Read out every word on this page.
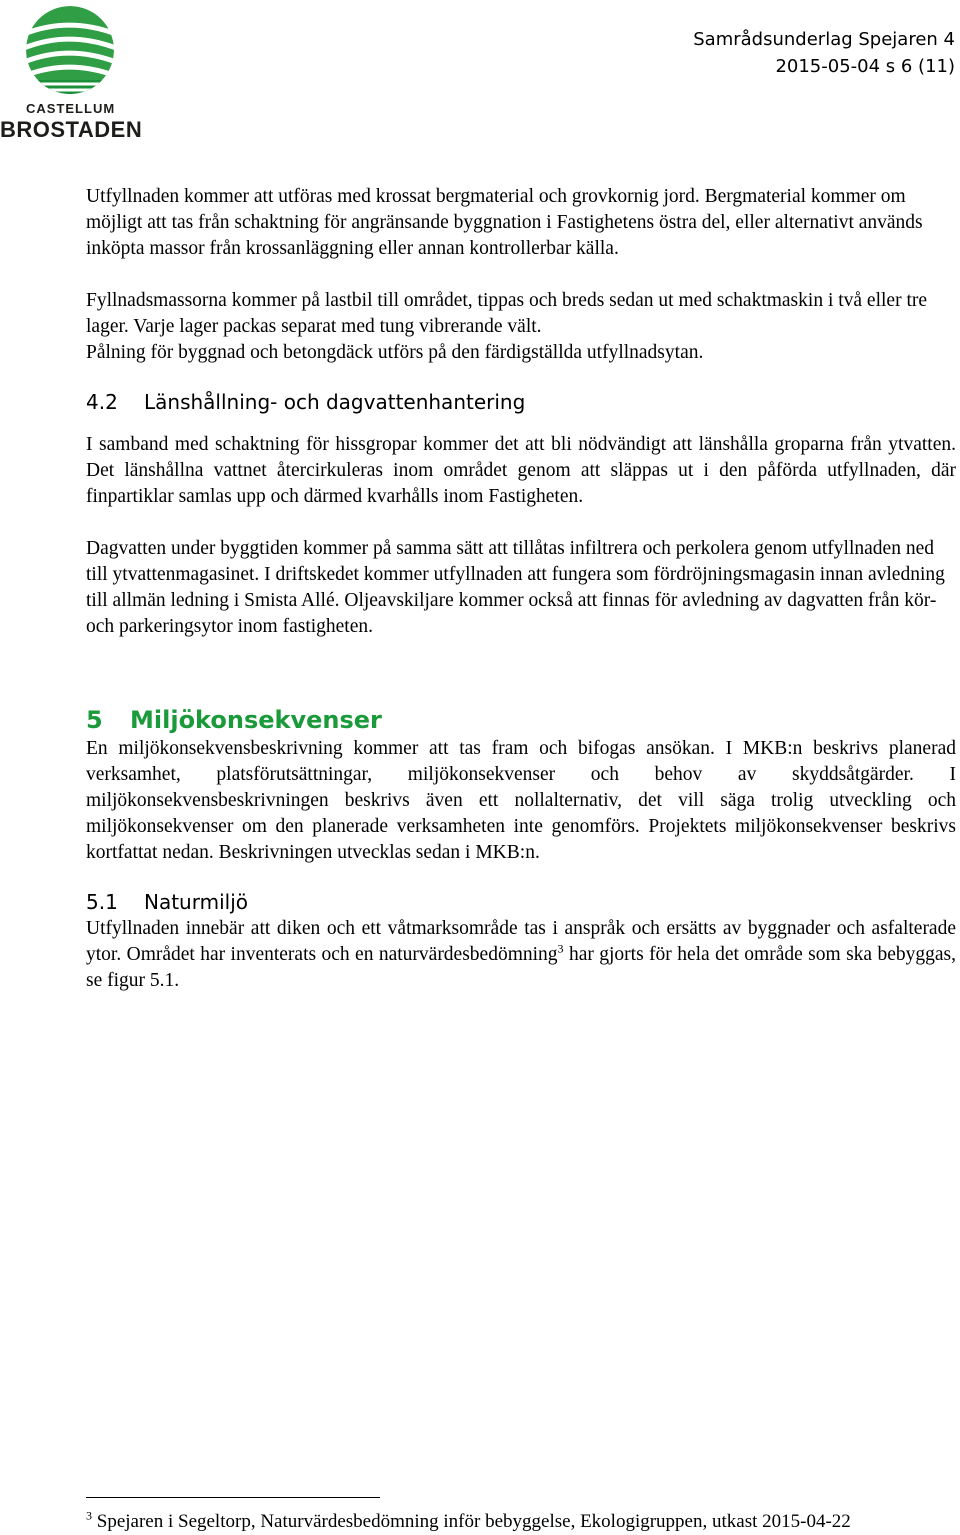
CASTELLUM
BROSTADEN
Samrådsunderlag Spejaren 4
2015-05-04 s 6 (11)

Utfyllnaden kommer att utföras med krossat bergmaterial och grovkornig jord. Bergmaterial kommer om möjligt att tas från schaktning för angränsande byggnation i Fastighetens östra del, eller alternativt används inköpta massor från krossanläggning eller annan kontrollerbar källa.

Fyllnadsmassorna kommer på lastbil till området, tippas och breds sedan ut med schaktmaskin i två eller tre lager. Varje lager packas separat med tung vibrerande vält.

Pålning för byggnad och betongdäck utförs på den färdigställda utfyllnadsytan.

4.2 Länshållning- och dagvattenhantering

I samband med schaktning för hissgropar kommer det att bli nödvändigt att länshålla groparna från ytvatten. Det länshållna vattnet återcirkuleras inom området genom att släppas ut i den påförda utfyllnaden, där finpartiklar samlas upp och därmed kvarhålls inom Fastigheten.

Dagvatten under byggtiden kommer på samma sätt att tillåtas infiltrera och perkolera genom utfyllnaden ned till ytvattenmagasinet. I driftskedet kommer utfyllnaden att fungera som fördröjningsmagasin innan avledning till allmän ledning i Smista Allé. Oljeavskiljare kommer också att finnas för avledning av dagvatten från kör- och parkeringsytor inom fastigheten.

5 Miljökonsekvenser

En miljökonsekvensbeskrivning kommer att tas fram och bifogas ansökan. I MKB:n beskrivs planerad verksamhet, platsförutsättningar, miljökonsekvenser och behov av skyddsåtgärder. I miljökonsekvensbeskrivningen beskrivs även ett nollalternativ, det vill säga trolig utveckling och miljökonsekvenser om den planerade verksamheten inte genomförs. Projektets miljökonsekvenser beskrivs kortfattat nedan. Beskrivningen utvecklas sedan i MKB:n.

5.1 Naturmiljö

Utfyllnaden innebär att diken och ett våtmarksområde tas i anspråk och ersätts av byggnader och asfalterade ytor. Området har inventerats och en naturvärdesbedömning$^3$ har gjorts för hela det område som ska bebyggas, se figur 5.1.

$^3$ Spejaren i Segeltorp, Naturvärdesbedömning inför bebyggelse, Ekologigruppen, utkast 2015-04-22
